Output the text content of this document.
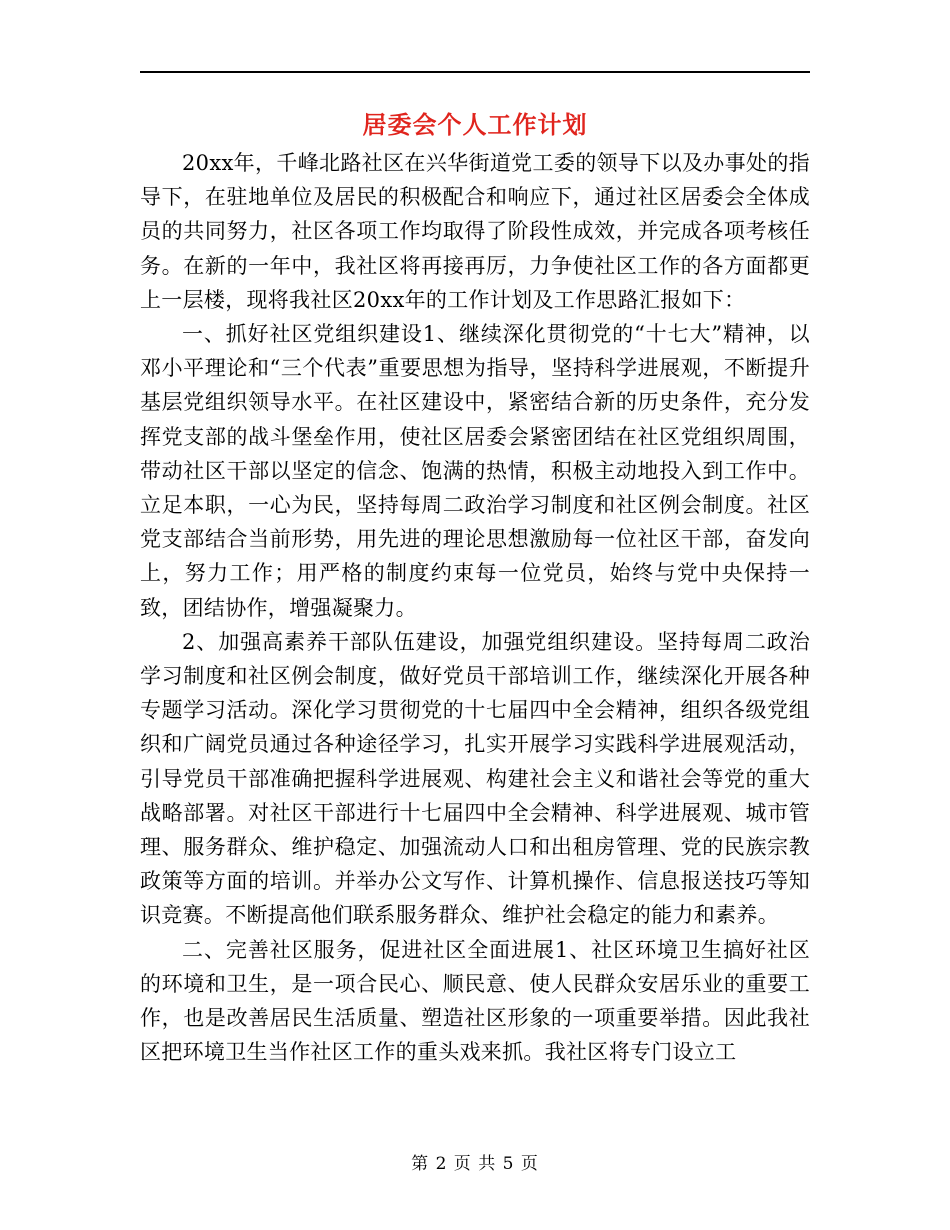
居委会个人工作计划

20xx年，千峰北路社区在兴华街道党工委的领导下以及办事处的指导下，在驻地单位及居民的积极配合和响应下，通过社区居委会全体成员的共同努力，社区各项工作均取得了阶段性成效，并完成各项考核任务。在新的一年中，我社区将再接再厉，力争使社区工作的各方面都更上一层楼，现将我社区20xx年的工作计划及工作思路汇报如下：

一、抓好社区党组织建设1、继续深化贯彻党的“十七大”精神，以邓小平理论和“三个代表”重要思想为指导，坚持科学进展观，不断提升基层党组织领导水平。在社区建设中，紧密结合新的历史条件，充分发挥党支部的战斗堡垒作用，使社区居委会紧密团结在社区党组织周围，带动社区干部以坚定的信念、饱满的热情，积极主动地投入到工作中。立足本职，一心为民，坚持每周二政治学习制度和社区例会制度。社区党支部结合当前形势，用先进的理论思想激励每一位社区干部，奋发向上，努力工作；用严格的制度约束每一位党员，始终与党中央保持一致，团结协作，增强凝聚力。

2、加强高素养干部队伍建设，加强党组织建设。坚持每周二政治学习制度和社区例会制度，做好党员干部培训工作，继续深化开展各种专题学习活动。深化学习贯彻党的十七届四中全会精神，组织各级党组织和广阔党员通过各种途径学习，扎实开展学习实践科学进展观活动，引导党员干部准确把握科学进展观、构建社会主义和谐社会等党的重大战略部署。对社区干部进行十七届四中全会精神、科学进展观、城市管理、服务群众、维护稳定、加强流动人口和出租房管理、党的民族宗教政策等方面的培训。并举办公文写作、计算机操作、信息报送技巧等知识竞赛。不断提高他们联系服务群众、维护社会稳定的能力和素养。

二、完善社区服务，促进社区全面进展1、社区环境卫生搞好社区的环境和卫生，是一项合民心、顺民意、使人民群众安居乐业的重要工作，也是改善居民生活质量、塑造社区形象的一项重要举措。因此我社区把环境卫生当作社区工作的重头戏来抓。我社区将专门设立工

第 2 页 共 5 页
